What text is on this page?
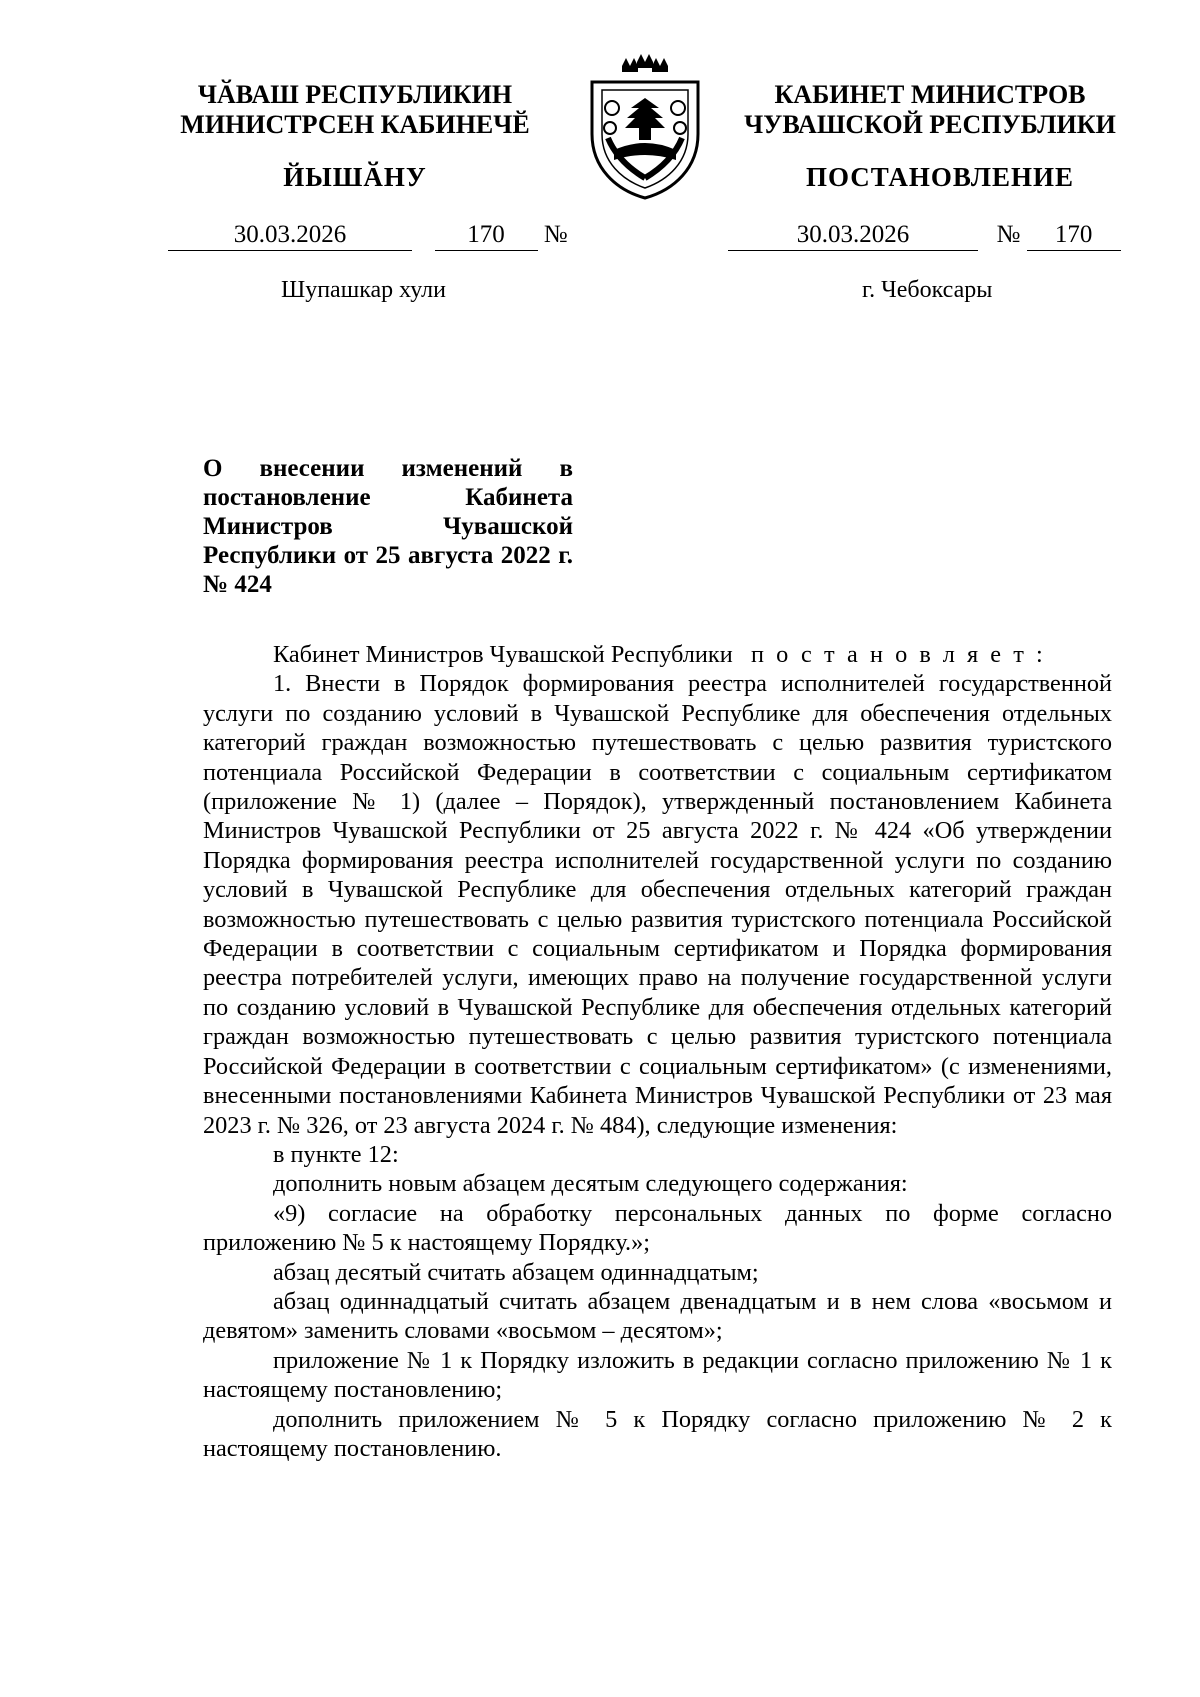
ЧӐВАШ РЕСПУБЛИКИН
МИНИСТРСЕН КАБИНЕЧӖ
ЙЫШӐНУ
КАБИНЕТ МИНИСТРОВ
ЧУВАШСКОЙ РЕСПУБЛИКИ
ПОСТАНОВЛЕНИЕ
30.03.2026	170 №	30.03.2026	№ 170
Шупашкар хули	г. Чебоксары
О внесении изменений в постановление Кабинета Министров Чувашской Республики от 25 августа 2022 г. № 424

Кабинет Министров Чувашской Республики постановляет:

1. Внести в Порядок формирования реестра исполнителей государственной услуги по созданию условий в Чувашской Республике для обеспечения отдельных категорий граждан возможностью путешествовать с целью развития туристского потенциала Российской Федерации в соответствии с социальным сертификатом (приложение № 1) (далее – Порядок), утвержденный постановлением Кабинета Министров Чувашской Республики от 25 августа 2022 г. № 424 «Об утверждении Порядка формирования реестра исполнителей государственной услуги по созданию условий в Чувашской Республике для обеспечения отдельных категорий граждан возможностью путешествовать с целью развития туристского потенциала Российской Федерации в соответствии с социальным сертификатом и Порядка формирования реестра потребителей услуги, имеющих право на получение государственной услуги по созданию условий в Чувашской Республике для обеспечения отдельных категорий граждан возможностью путешествовать с целью развития туристского потенциала Российской Федерации в соответствии с социальным сертификатом» (с изменениями, внесенными постановлениями Кабинета Министров Чувашской Республики от 23 мая 2023 г. № 326, от 23 августа 2024 г. № 484), следующие изменения:

в пункте 12:

дополнить новым абзацем десятым следующего содержания:

«9) согласие на обработку персональных данных по форме согласно приложению № 5 к настоящему Порядку.»;

абзац десятый считать абзацем одиннадцатым;

абзац одиннадцатый считать абзацем двенадцатым и в нем слова «восьмом и девятом» заменить словами «восьмом – десятом»;

приложение № 1 к Порядку изложить в редакции согласно приложению № 1 к настоящему постановлению;

дополнить приложением № 5 к Порядку согласно приложению № 2 к настоящему постановлению.
